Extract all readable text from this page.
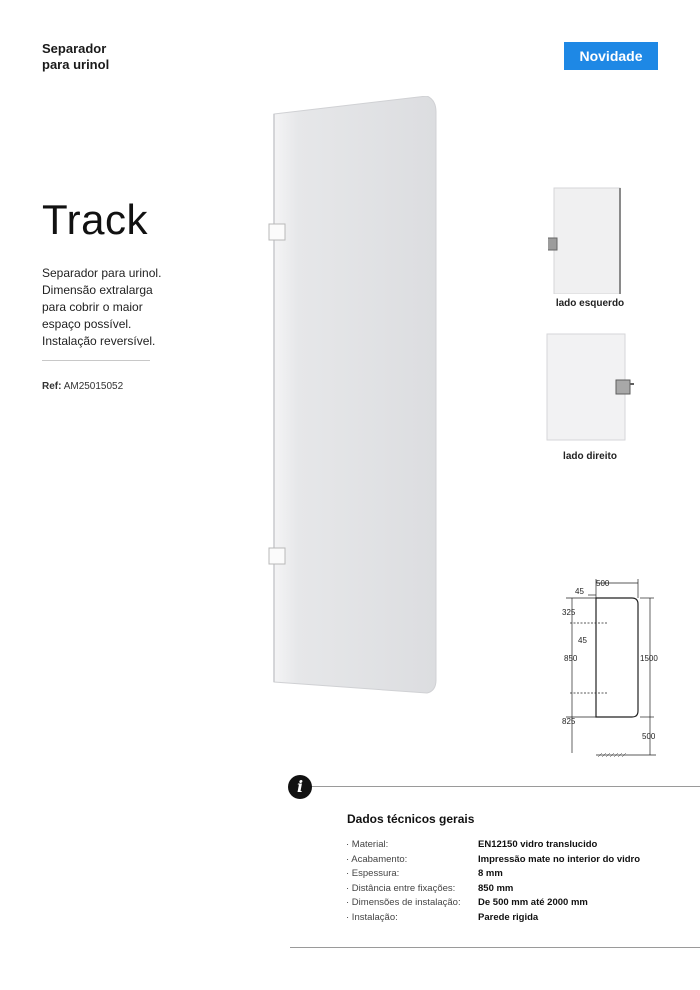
Separador
para urinol
Novidade
Track
Separador para urinol.
Dimensão extralarga
para cobrir o maior
espaço possível.
Instalação reversível.
Ref: AM25015052
lado esquerdo
lado direito
500
45
325
45
850	1500
825
500
i
Dados técnicos gerais
· Material:	EN12150 vidro translucido
· Acabamento:	Impressão mate no interior do vidro
· Espessura:	8 mm
· Distância entre fixações:	850 mm
· Dimensões de instalação:	De 500 mm até 2000 mm
· Instalação:	Parede rigida
